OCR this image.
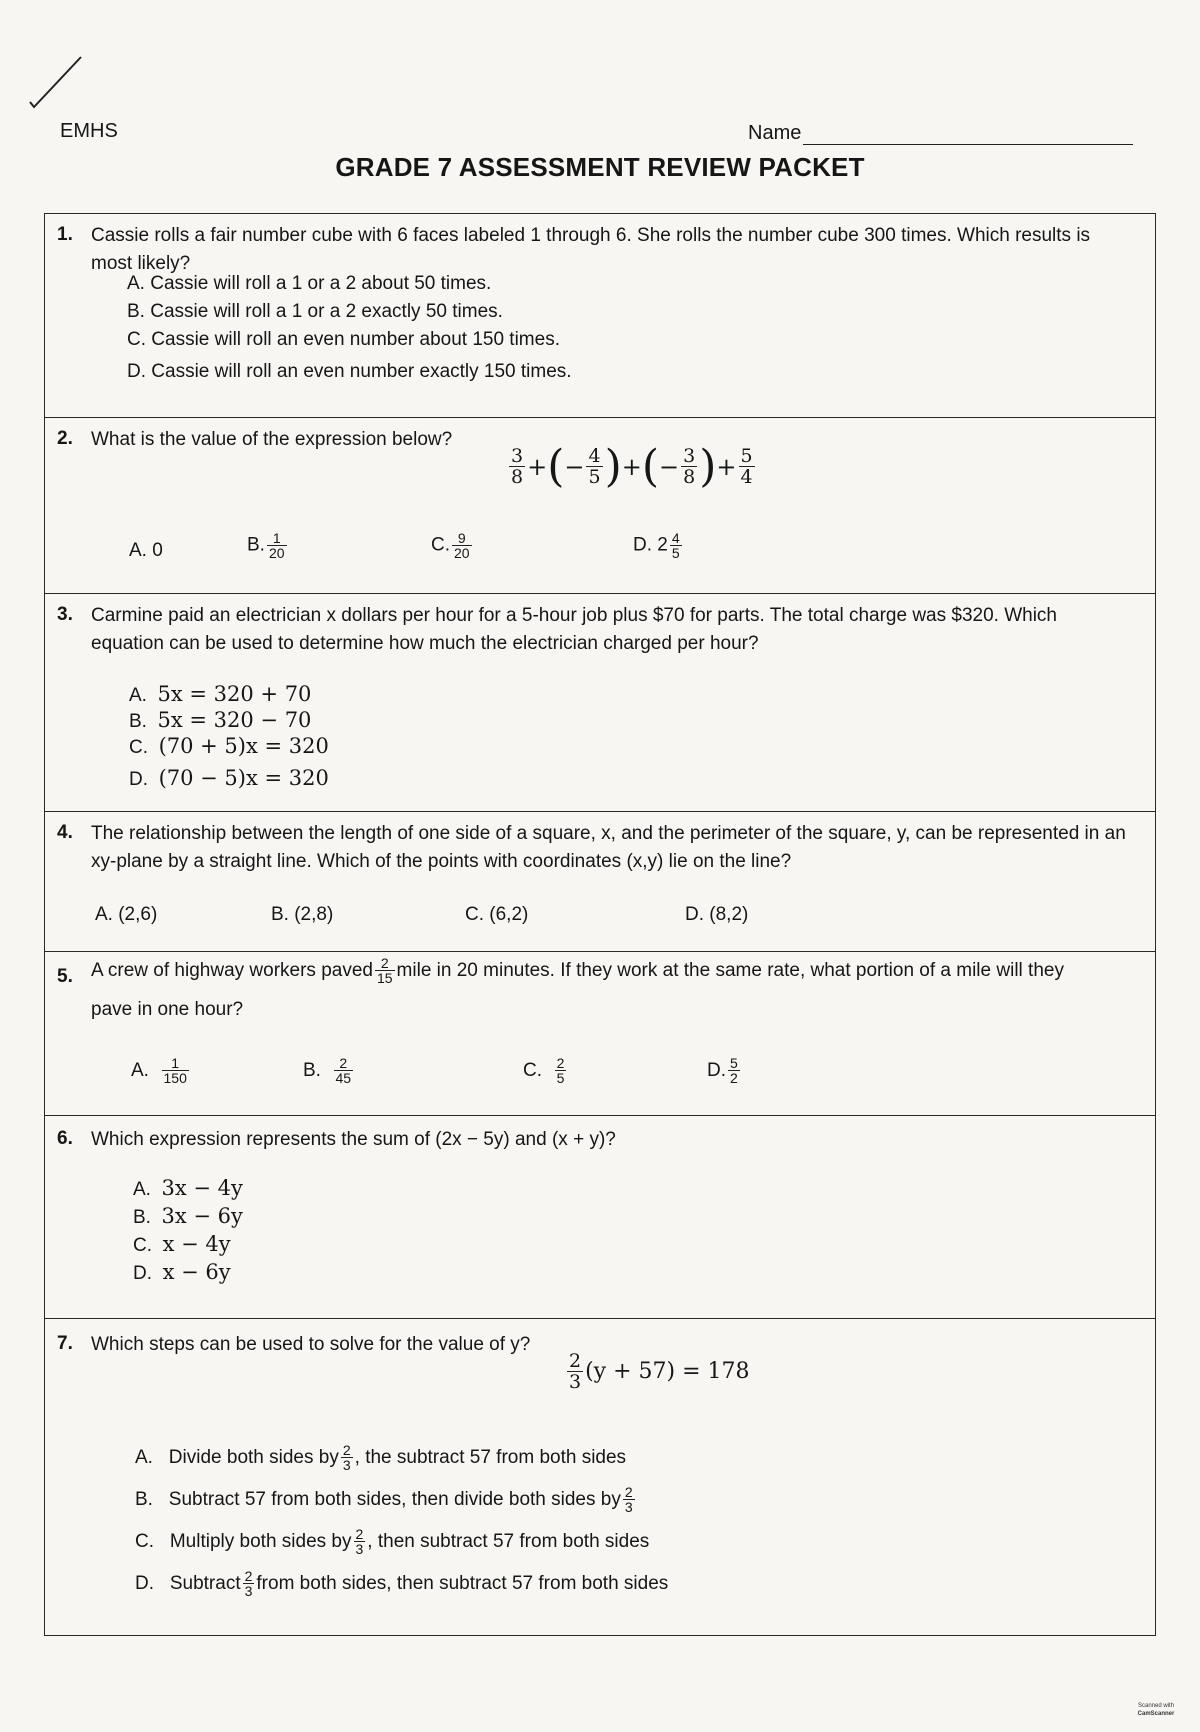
EMHS	Name
GRADE 7 ASSESSMENT REVIEW PACKET
1. Cassie rolls a fair number cube with 6 faces labeled 1 through 6. She rolls the number cube 300 times. Which results is most likely?
A. Cassie will roll a 1 or a 2 about 50 times.
B. Cassie will roll a 1 or a 2 exactly 50 times.
C. Cassie will roll an even number about 150 times.
D. Cassie will roll an even number exactly 150 times.
2. What is the value of the expression below?
$\frac{3}{8}$ + ( − $\frac{4}{5}$ ) + ( − $\frac{3}{8}$ ) + $\frac{5}{4}$
A. 0	B. $\frac{1}{20}$	C. $\frac{9}{20}$	D. $2 \frac{4}{5}$
3. Carmine paid an electrician x dollars per hour for a 5-hour job plus $70 for parts. The total charge was $320. Which equation can be used to determine how much the electrician charged per hour?
A. 5x = 320 + 70
B. 5x = 320 − 70
C. (70 + 5)x = 320
D. (70 − 5)x = 320
4. The relationship between the length of one side of a square, x, and the perimeter of the square, y, can be represented in an xy-plane by a straight line. Which of the points with coordinates (x,y) lie on the line?
A. (2,6)	B. (2,8)	C. (6,2)	D. (8,2)
5. A crew of highway workers paved $\frac{2}{15}$ mile in 20 minutes. If they work at the same rate, what portion of a mile will they
pave in one hour?
A.
$\frac{1}{150}$	B.
$\frac{2}{45}$	C.
$\frac{2}{5}$	D. $\frac{5}{2}$
6. Which expression represents the sum of (2x − 5y) and (x + y)?
A. 3x − 4y
B. 3x − 6y
C. x − 4y
D. x − 6y
7. Which steps can be used to solve for the value of y?
$\frac{2}{3} (y + 57) = 178$
A.
Divide both sides by $\frac{2}{3}$ , the subtract 57 from both sides
B.
Subtract 57 from both sides, then divide both sides by $\frac{2}{3}$
C.
Multiply both sides by $\frac{2}{3}$ , then subtract 57 from both sides
D.
Subtract $\frac{2}{3}$ from both sides, then subtract 57 from both sides
Scanned with
CamScanner
